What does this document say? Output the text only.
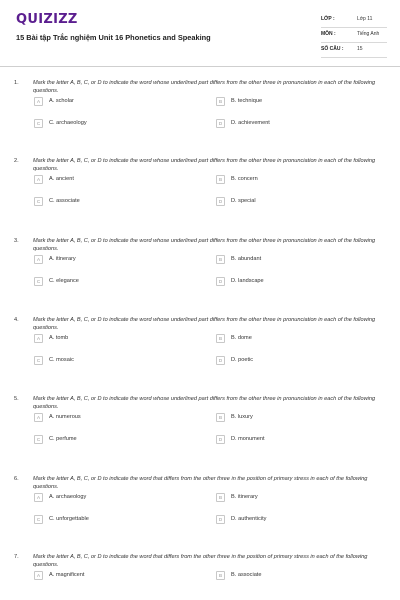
QUIZIZZ
15 Bài tập Trắc nghiệm Unit 16 Phonetics and Speaking
LỚP :	Lớp 11
MÔN :	Tiếng Anh
SỐ CÂU :	15
1.	Mark the letter A, B, C, or D to indicate the word whose underlined part differs from the other three in pronunciation in each of the following questions.
A	A. scholar	B	B. technique
C	C. archaeology	D	D. achievement
2.	Mark the letter A, B, C, or D to indicate the word whose underlined part differs from the other three in pronunciation in each of the following questions.
A	A. ancient	B	B. concern
C	C. associate	D	D. special
3.	Mark the letter A, B, C, or D to indicate the word whose underlined part differs from the other three in pronunciation in each of the following questions.
A	A. itinerary	B	B. abundant
C	C. elegance	D	D. landscape
4.	Mark the letter A, B, C, or D to indicate the word whose underlined part differs from the other three in pronunciation in each of the following questions.
A	A. tomb	B	B. dome
C	C. mosaic	D	D. poetic
5.	Mark the letter A, B, C, or D to indicate the word whose underlined part differs from the other three in pronunciation in each of the following questions.
A	A. numerous	B	B. luxury
C	C. perfume	D	D. monument
6.	Mark the letter A, B, C, or D to indicate the word that differs from the other three in the position of primary stress in each of the following questions.
A	A. archaeology	B	B. itinerary
C	C. unforgettable	D	D. authenticity
7.	Mark the letter A, B, C, or D to indicate the word that differs from the other three in the position of primary stress in each of the following questions.
A	A. magnificent	B	B. associate
